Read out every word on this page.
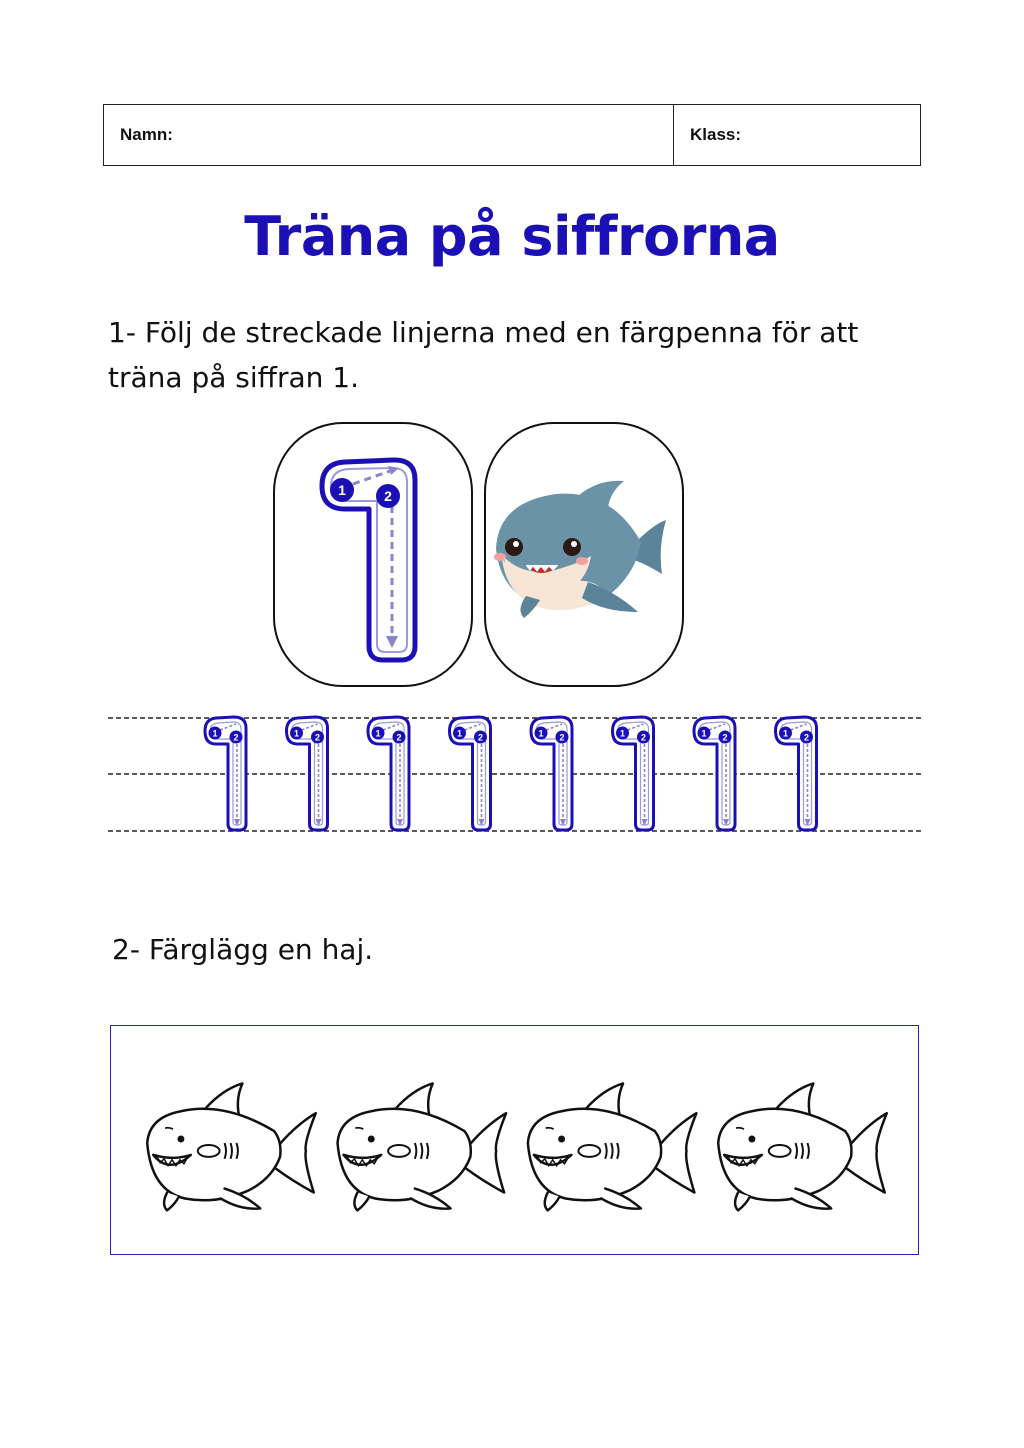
Namn:	Klass:
Träna på siffrorna
1- Följ de streckade linjerna med en färgpenna för att träna på siffran 1.
1	2
1 2	1 2	1 2	1 2	1 2	1 2	1 2	1 2
2- Färglägg en haj.
